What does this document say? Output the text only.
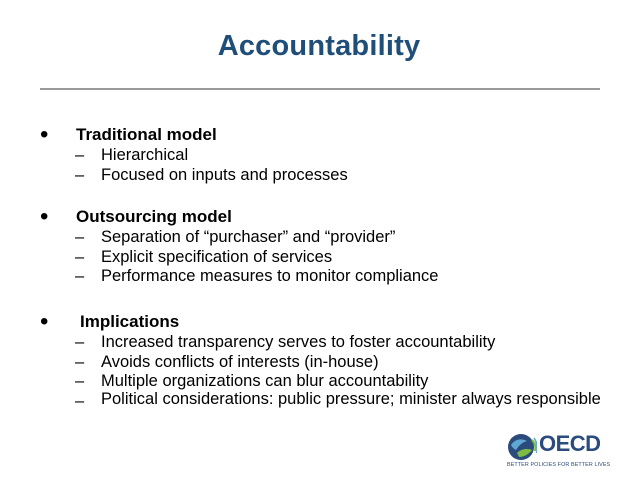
Accountability
•	Traditional model
–	Hierarchical
–	Focused on inputs and processes
•	Outsourcing model
–	Separation of “purchaser” and “provider”
–	Explicit specification of services
–	Performance measures to monitor compliance
•	Implications
–	Increased transparency serves to foster accountability
–	Avoids conflicts of interests (in-house)
–	Multiple organizations can blur accountability
–	Political considerations: public pressure; minister always responsible
OECD
BETTER POLICIES FOR BETTER LIVES
